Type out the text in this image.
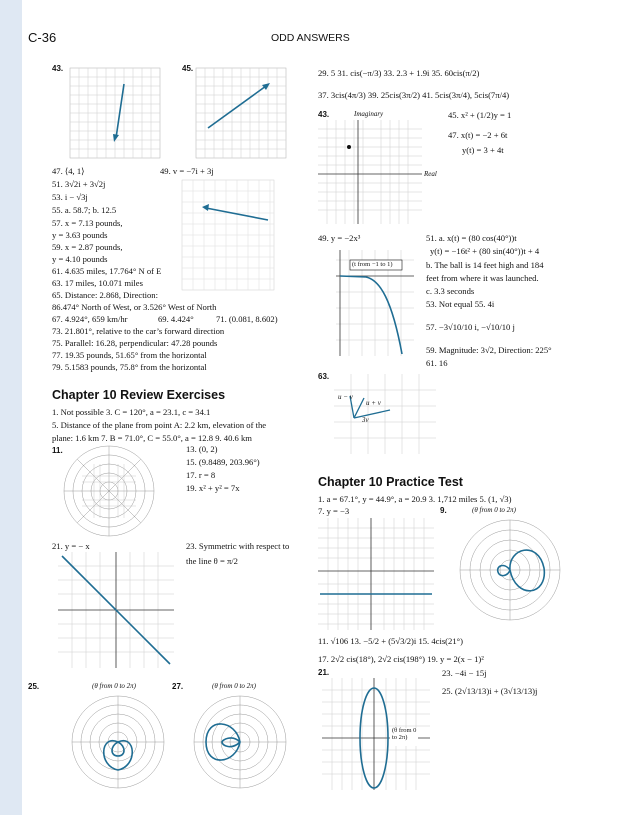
C-36	ODD ANSWERS
43.	45.
47. ⟨4, 1⟩	49. v = −7i + 3j
51. 3√2i + 3√2j
53. i − √3j
55. a. 58.7; b. 12.5
57. x = 7.13 pounds,
y = 3.63 pounds
59. x = 2.87 pounds,
y = 4.10 pounds
61. 4.635 miles, 17.764° N of E
63. 17 miles, 10.071 miles
65. Distance: 2.868, Direction:
86.474° North of West, or 3.526° West of North
67. 4.924°, 659 km/hr	69. 4.424°	71. (0.081, 8.602)
73. 21.801°, relative to the car’s forward direction
75. Parallel: 16.28, perpendicular: 47.28 pounds
77. 19.35 pounds, 51.65° from the horizontal
79. 5.1583 pounds, 75.8° from the horizontal
Chapter 10 Review Exercises
1. Not possible 3. C = 120°, a = 23.1, c = 34.1
5. Distance of the plane from point A: 2.2 km, elevation of the
plane: 1.6 km 7. B = 71.0°, C = 55.0°, a = 12.8 9. 40.6 km
11.	13. (0, 2)
15. (9.8489, 203.96°)
17. r = 8
19. x² + y² = 7x
21. y = − x	23. Symmetric with respect to
the line θ = π/2
25.	(θ from 0 to 2π)	27.	(θ from 0 to 2π)
29. 5 31. cis(−π/3) 33. 2.3 + 1.9i 35. 60cis(π/2)
37. 3cis(4π/3) 39. 25cis(3π/2) 41. 5cis(3π/4), 5cis(7π/4)
43.	Imaginary
Real
45. x² + (1/2)y = 1
47. x(t) = −2 + 6t
y(t) = 3 + 4t
49. y = −2x³
(t from −1 to 1)
51. a. x(t) = (80 cos(40°))t
y(t) = −16t² + (80 sin(40°))t + 4
b. The ball is 14 feet high and 184
feet from where it was launched.
c. 3.3 seconds
53. Not equal 55. 4i
57. −3√10/10 i, −√10/10 j
59. Magnitude: 3√2, Direction: 225°
61. 16
63.
u − v
u + v
3v
Chapter 10 Practice Test
1. a = 67.1°, y = 44.9°, a = 20.9 3. 1,712 miles 5. (1, √3)
7. y = −3	9.	(θ from 0 to 2π)
11. √106 13. −5/2 + (5√3/2)i 15. 4cis(21°)
17. 2√2 cis(18°), 2√2 cis(198°) 19. y = 2(x − 1)²
21.	23. −4i − 15j
25. (2√13/13)i + (3√13/13)j
(θ from 0 to 2π)
